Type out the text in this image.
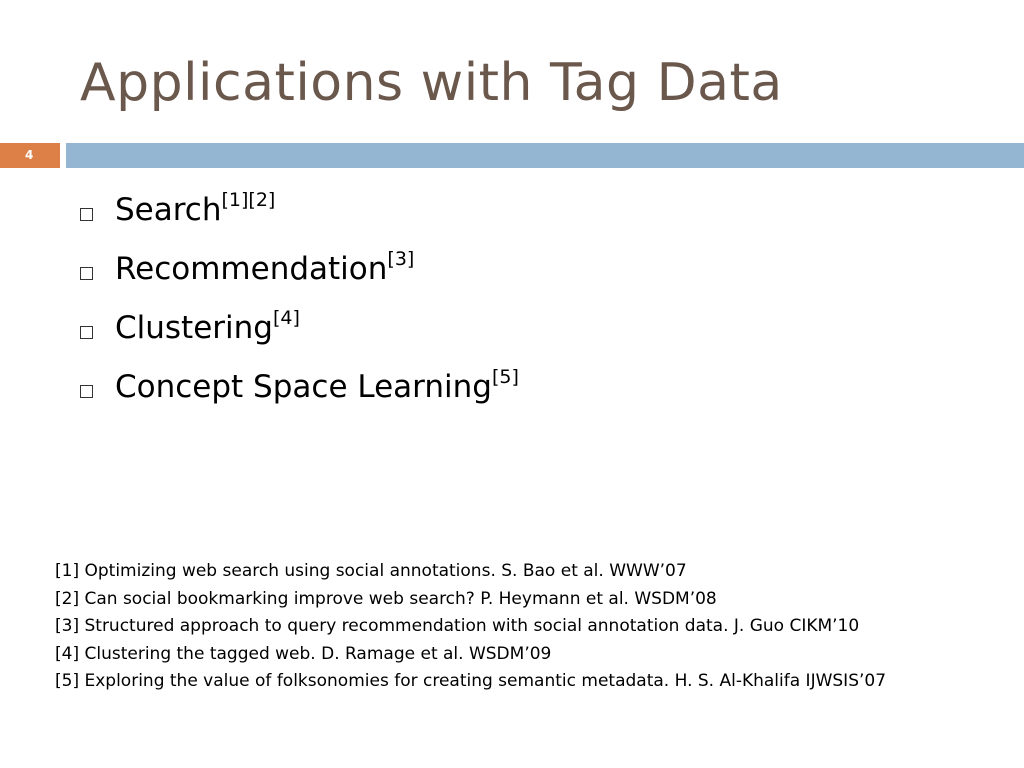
Applications with Tag Data
4
Search[1][2]
Recommendation[3]
Clustering[4]
Concept Space Learning[5]
[1] Optimizing web search using social annotations. S. Bao et al. WWW’07
[2] Can social bookmarking improve web search? P. Heymann et al. WSDM’08
[3] Structured approach to query recommendation with social annotation data. J. Guo CIKM’10
[4] Clustering the tagged web. D. Ramage et al. WSDM’09
[5] Exploring the value of folksonomies for creating semantic metadata. H. S. Al-Khalifa IJWSIS’07
